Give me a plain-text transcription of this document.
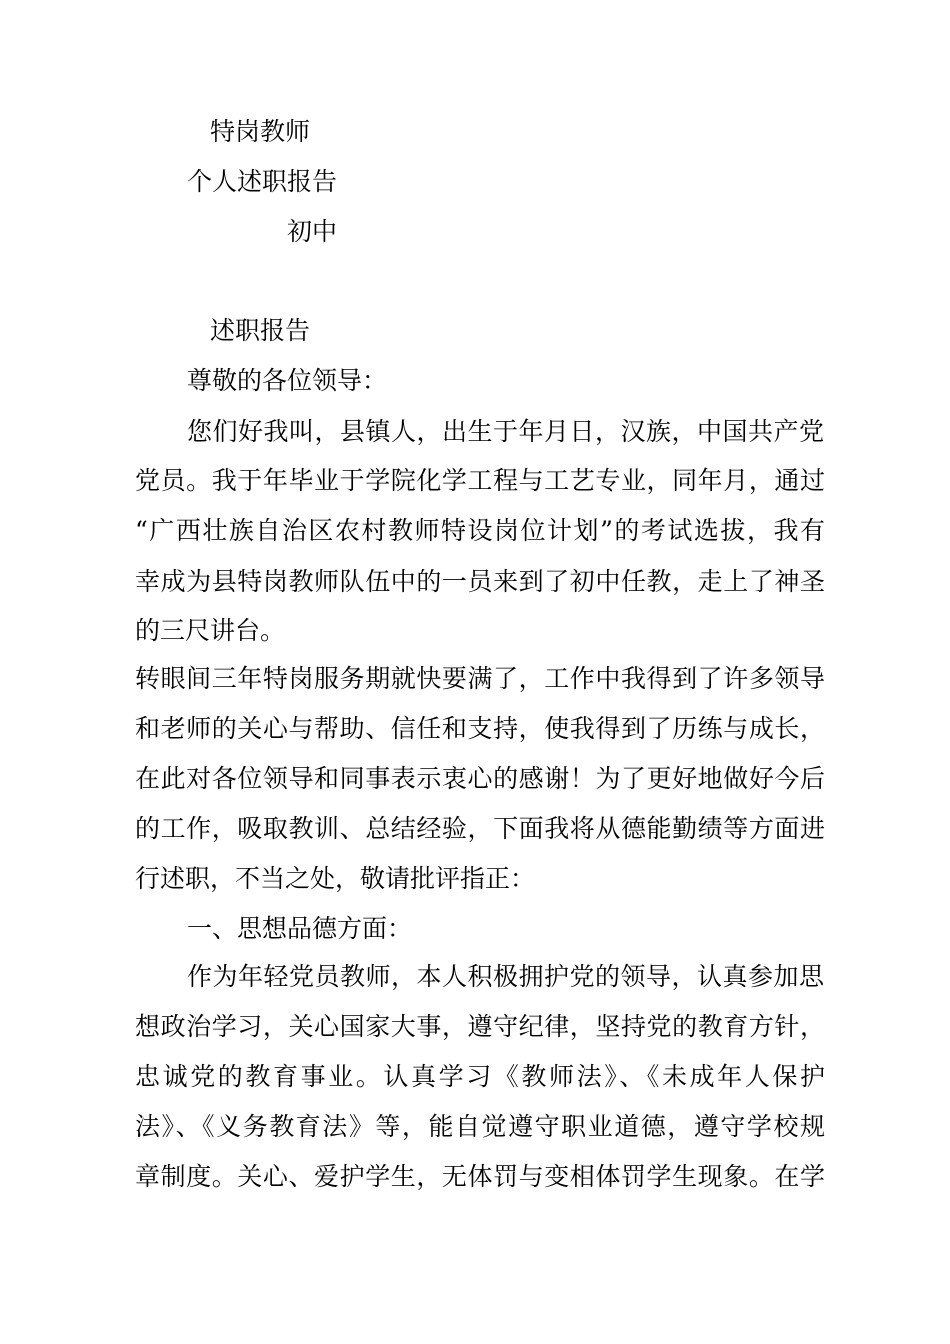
特岗教师
个人述职报告
初中
述职报告
尊敬的各位领导：
您们好我叫，县镇人，出生于年月日，汉族，中国共产党
党员。我于年毕业于学院化学工程与工艺专业，同年月，通过
“广西壮族自治区农村教师特设岗位计划”的考试选拔，我有
幸成为县特岗教师队伍中的一员来到了初中任教，走上了神圣
的三尺讲台。
转眼间三年特岗服务期就快要满了，工作中我得到了许多领导
和老师的关心与帮助、信任和支持，使我得到了历练与成长，
在此对各位领导和同事表示衷心的感谢！为了更好地做好今后
的工作，吸取教训、总结经验，下面我将从德能勤绩等方面进
行述职，不当之处，敬请批评指正：
一、思想品德方面：
作为年轻党员教师，本人积极拥护党的领导，认真参加思
想政治学习，关心国家大事，遵守纪律，坚持党的教育方针，
忠诚党的教育事业。认真学习《教师法》、《未成年人保护
法》、《义务教育法》等，能自觉遵守职业道德，遵守学校规
章制度。关心、爱护学生，无体罚与变相体罚学生现象。在学
